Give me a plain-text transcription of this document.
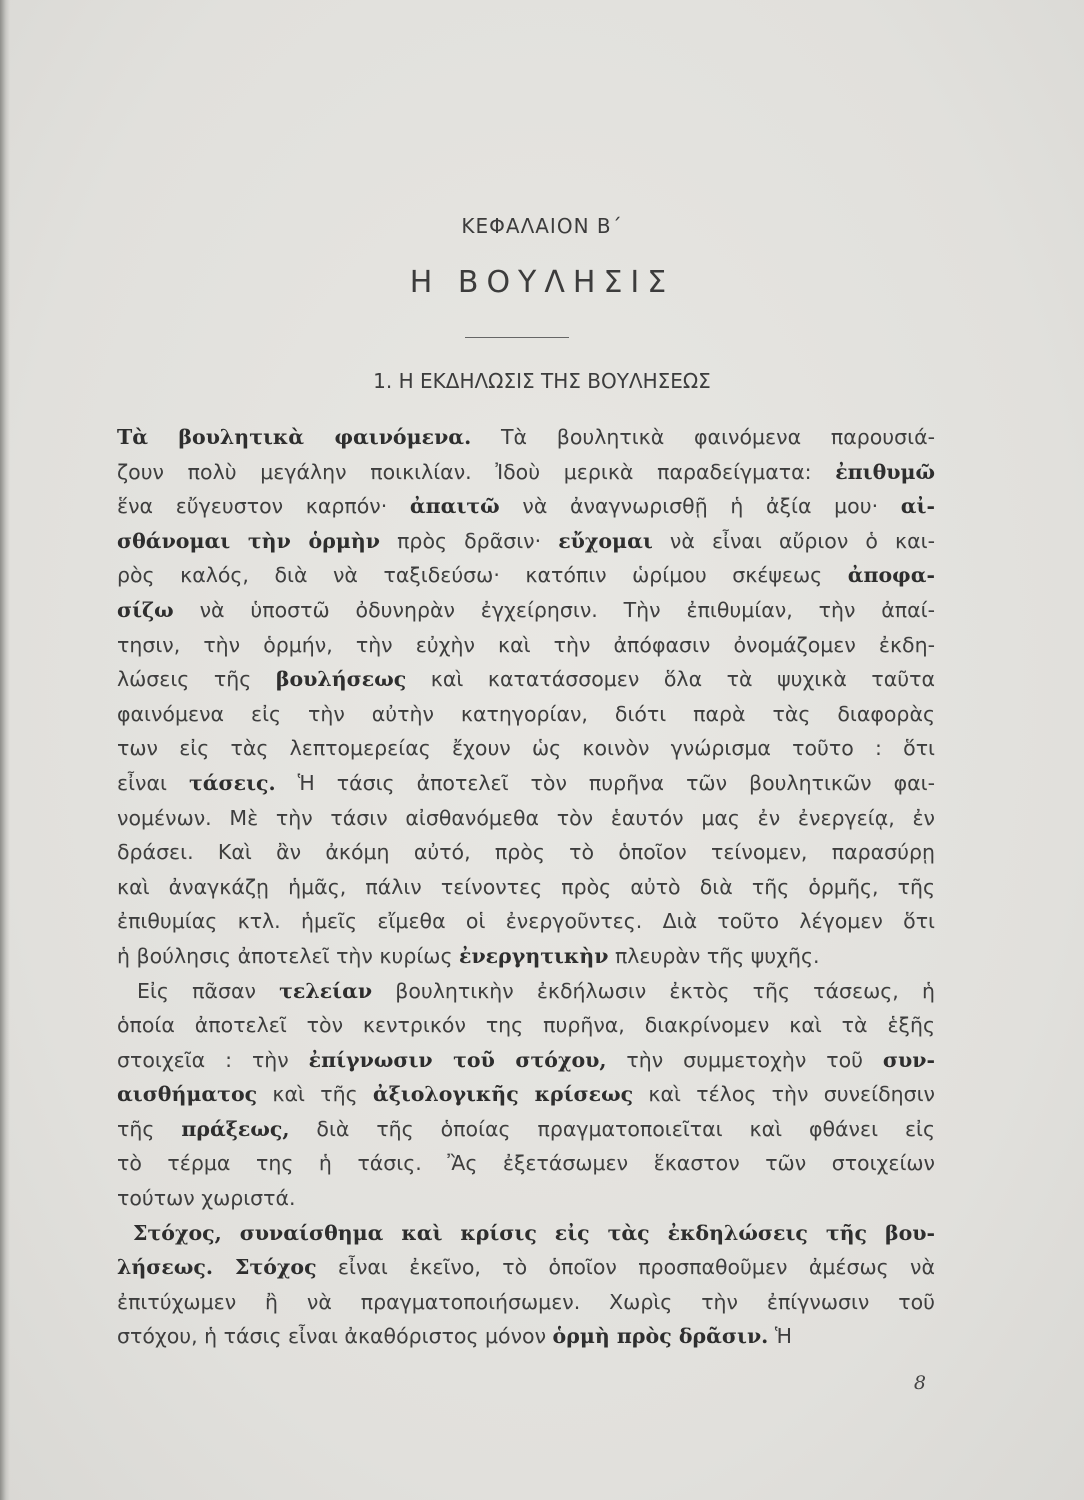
ΚΕΦΑΛΑΙΟΝ Β΄
Η ΒΟΥΛΗΣΙΣ
1. Η ΕΚΔΗΛΩΣΙΣ ΤΗΣ ΒΟΥΛΗΣΕΩΣ
Τὰ βουλητικὰ φαινόμενα. Τὰ βουλητικὰ φαινόμενα παρουσιά-
ζουν πολὺ μεγάλην ποικιλίαν. Ἰδοὺ μερικὰ παραδείγματα: ἐπιθυμῶ
ἕνα εὔγευστον καρπόν· ἀπαιτῶ νὰ ἀναγνωρισθῇ ἡ ἀξία μου· αἰ-
σθάνομαι τὴν ὁρμὴν πρὸς δρᾶσιν· εὔχομαι νὰ εἶναι αὔριον ὁ και-
ρὸς καλός, διὰ νὰ ταξιδεύσω· κατόπιν ὡρίμου σκέψεως ἀποφα-
σίζω νὰ ὑποστῶ ὀδυνηρὰν ἐγχείρησιν. Τὴν ἐπιθυμίαν, τὴν ἀπαί-
τησιν, τὴν ὁρμήν, τὴν εὐχὴν καὶ τὴν ἀπόφασιν ὀνομάζομεν ἐκδη-
λώσεις τῆς βουλήσεως καὶ κατατάσσομεν ὅλα τὰ ψυχικὰ ταῦτα
φαινόμενα εἰς τὴν αὐτὴν κατηγορίαν, διότι παρὰ τὰς διαφορὰς
των εἰς τὰς λεπτομερείας ἔχουν ὡς κοινὸν γνώρισμα τοῦτο : ὅτι
εἶναι τάσεις. Ἡ τάσις ἀποτελεῖ τὸν πυρῆνα τῶν βουλητικῶν φαι-
νομένων. Μὲ τὴν τάσιν αἰσθανόμεθα τὸν ἑαυτόν μας ἐν ἐνεργείᾳ, ἐν
δράσει. Καὶ ἂν ἀκόμη αὐτό, πρὸς τὸ ὁποῖον τείνομεν, παρασύρῃ
καὶ ἀναγκάζῃ ἡμᾶς, πάλιν τείνοντες πρὸς αὐτὸ διὰ τῆς ὁρμῆς, τῆς
ἐπιθυμίας κτλ. ἡμεῖς εἴμεθα οἱ ἐνεργοῦντες. Διὰ τοῦτο λέγομεν ὅτι
ἡ βούλησις ἀποτελεῖ τὴν κυρίως ἐνεργητικὴν πλευρὰν τῆς ψυχῆς.
Εἰς πᾶσαν τελείαν βουλητικὴν ἐκδήλωσιν ἐκτὸς τῆς τάσεως, ἡ
ὁποία ἀποτελεῖ τὸν κεντρικόν της πυρῆνα, διακρίνομεν καὶ τὰ ἑξῆς
στοιχεῖα : τὴν ἐπίγνωσιν τοῦ στόχου, τὴν συμμετοχὴν τοῦ συν-
αισθήματος καὶ τῆς ἀξιολογικῆς κρίσεως καὶ τέλος τὴν συνείδησιν
τῆς πράξεως, διὰ τῆς ὁποίας πραγματοποιεῖται καὶ φθάνει εἰς
τὸ τέρμα της ἡ τάσις. Ἂς ἐξετάσωμεν ἕκαστον τῶν στοιχείων
τούτων χωριστά.
Στόχος, συναίσθημα καὶ κρίσις εἰς τὰς ἐκδηλώσεις τῆς βου-
λήσεως. Στόχος εἶναι ἐκεῖνο, τὸ ὁποῖον προσπαθοῦμεν ἀμέσως νὰ
ἐπιτύχωμεν ἢ νὰ πραγματοποιήσωμεν. Χωρὶς τὴν ἐπίγνωσιν τοῦ
στόχου, ἡ τάσις εἶναι ἀκαθόριστος μόνον ὁρμὴ πρὸς δρᾶσιν. Ἡ
8
